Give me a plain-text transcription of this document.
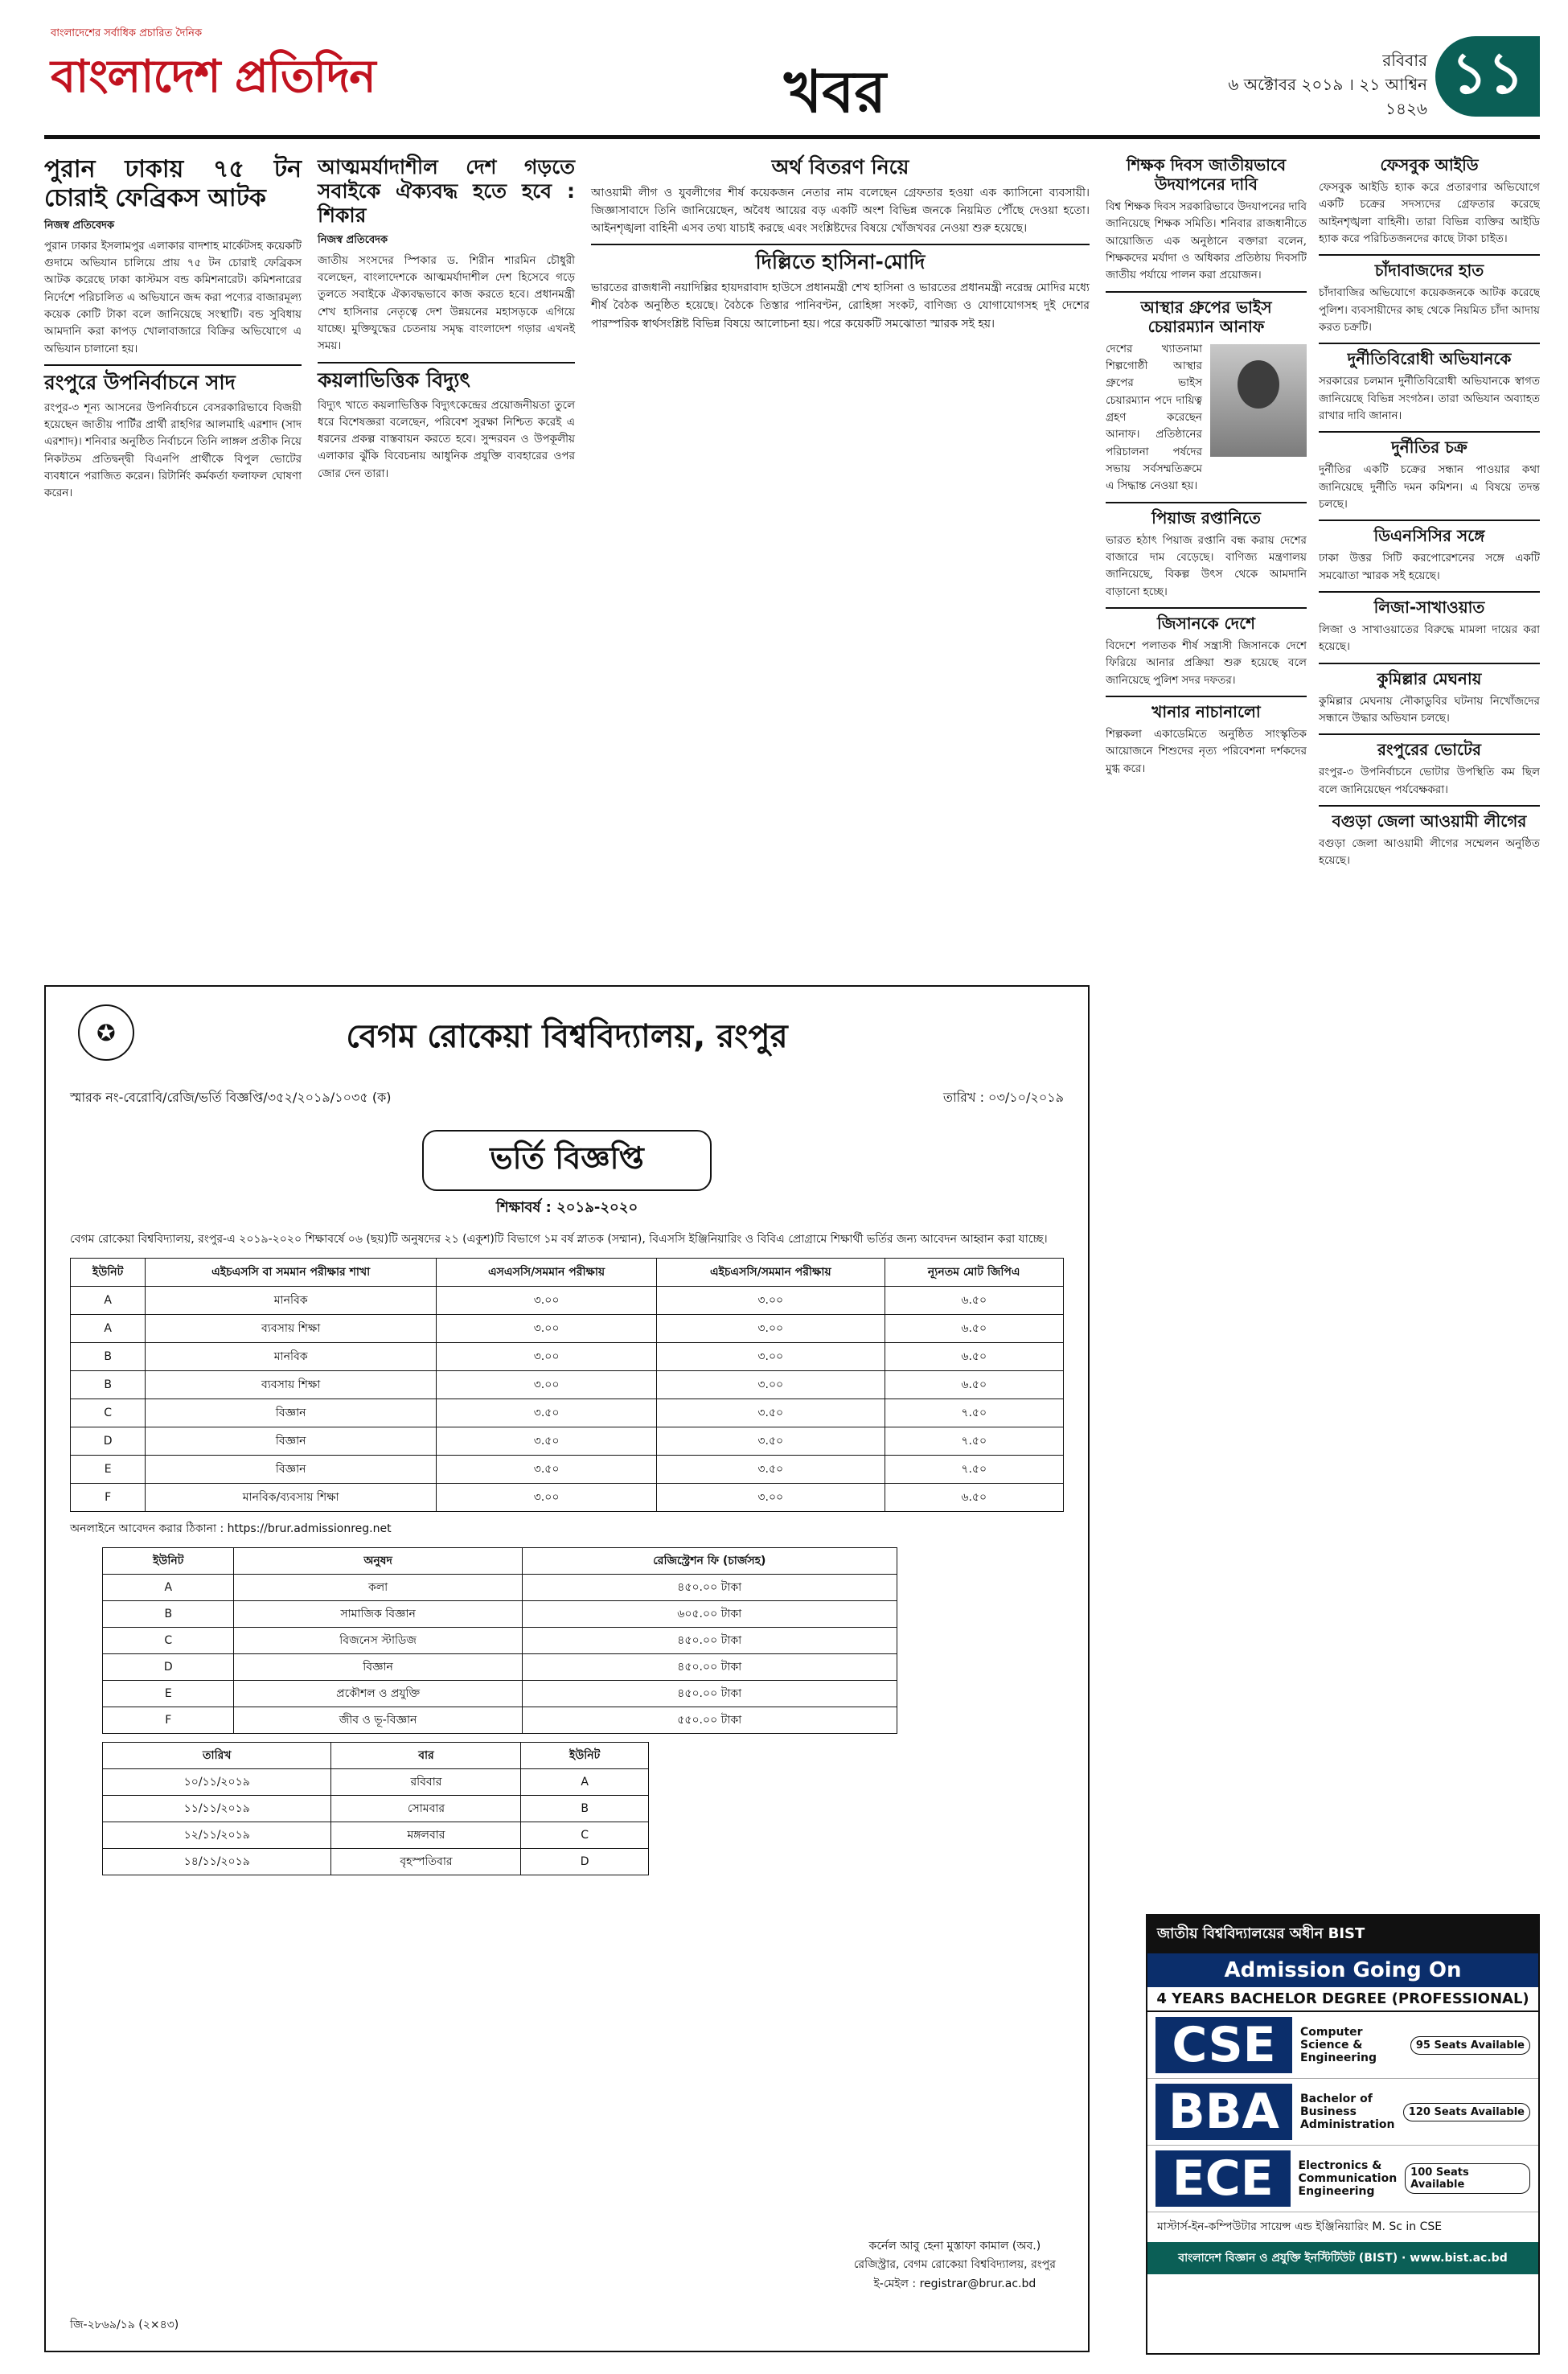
বাংলাদেশের সর্বাধিক প্রচারিত দৈনিক
বাংলাদেশ প্রতিদিন	খবর	রবিবার
৬ অক্টোবর ২০১৯ । ২১ আশ্বিন ১৪২৬
১১
পুরান ঢাকায় ৭৫ টন চোরাই ফেব্রিকস আটক
নিজস্ব প্রতিবেদক

পুরান ঢাকার ইসলামপুর এলাকার বাদশাহ মার্কেটসহ কয়েকটি গুদামে অভিযান চালিয়ে প্রায় ৭৫ টন চোরাই ফেব্রিকস আটক করেছে ঢাকা কাস্টমস বন্ড কমিশনারেট। কমিশনারের নির্দেশে পরিচালিত এ অভিযানে জব্দ করা পণ্যের বাজারমূল্য কয়েক কোটি টাকা বলে জানিয়েছে সংস্থাটি। বন্ড সুবিধায় আমদানি করা কাপড় খোলাবাজারে বিক্রির অভিযোগে এ অভিযান চালানো হয়।

রংপুরে উপনির্বাচনে সাদ

রংপুর-৩ শূন্য আসনের উপনির্বাচনে বেসরকারিভাবে বিজয়ী হয়েছেন জাতীয় পার্টির প্রার্থী রাহগির আলমাহি এরশাদ (সাদ এরশাদ)। শনিবার অনুষ্ঠিত নির্বাচনে তিনি লাঙ্গল প্রতীক নিয়ে নিকটতম প্রতিদ্বন্দ্বী বিএনপি প্রার্থীকে বিপুল ভোটের ব্যবধানে পরাজিত করেন। রিটার্নিং কর্মকর্তা ফলাফল ঘোষণা করেন।

আত্মমর্যাদাশীল দেশ গড়তে সবাইকে ঐক্যবদ্ধ হতে হবে : শিকার
নিজস্ব প্রতিবেদক

জাতীয় সংসদের স্পিকার ড. শিরীন শারমিন চৌধুরী বলেছেন, বাংলাদেশকে আত্মমর্যাদাশীল দেশ হিসেবে গড়ে তুলতে সবাইকে ঐক্যবদ্ধভাবে কাজ করতে হবে। প্রধানমন্ত্রী শেখ হাসিনার নেতৃত্বে দেশ উন্নয়নের মহাসড়কে এগিয়ে যাচ্ছে। মুক্তিযুদ্ধের চেতনায় সমৃদ্ধ বাংলাদেশ গড়ার এখনই সময়।

কয়লাভিত্তিক বিদ্যুৎ

বিদ্যুৎ খাতে কয়লাভিত্তিক বিদ্যুৎকেন্দ্রের প্রয়োজনীয়তা তুলে ধরে বিশেষজ্ঞরা বলেছেন, পরিবেশ সুরক্ষা নিশ্চিত করেই এ ধরনের প্রকল্প বাস্তবায়ন করতে হবে। সুন্দরবন ও উপকূলীয় এলাকার ঝুঁকি বিবেচনায় আধুনিক প্রযুক্তি ব্যবহারের ওপর জোর দেন তারা।

অর্থ বিতরণ নিয়ে

আওয়ামী লীগ ও যুবলীগের শীর্ষ কয়েকজন নেতার নাম বলেছেন গ্রেফতার হওয়া এক ক্যাসিনো ব্যবসায়ী। জিজ্ঞাসাবাদে তিনি জানিয়েছেন, অবৈধ আয়ের বড় একটি অংশ বিভিন্ন জনকে নিয়মিত পৌঁছে দেওয়া হতো। আইনশৃঙ্খলা বাহিনী এসব তথ্য যাচাই করছে এবং সংশ্লিষ্টদের বিষয়ে খোঁজখবর নেওয়া শুরু হয়েছে।

দিল্লিতে হাসিনা-মোদি

ভারতের রাজধানী নয়াদিল্লির হায়দরাবাদ হাউসে প্রধানমন্ত্রী শেখ হাসিনা ও ভারতের প্রধানমন্ত্রী নরেন্দ্র মোদির মধ্যে শীর্ষ বৈঠক অনুষ্ঠিত হয়েছে। বৈঠকে তিস্তার পানিবণ্টন, রোহিঙ্গা সংকট, বাণিজ্য ও যোগাযোগসহ দুই দেশের পারস্পরিক স্বার্থসংশ্লিষ্ট বিভিন্ন বিষয়ে আলোচনা হয়। পরে কয়েকটি সমঝোতা স্মারক সই হয়।

শিক্ষক দিবস জাতীয়ভাবে উদযাপনের দাবি

বিশ্ব শিক্ষক দিবস সরকারিভাবে উদযাপনের দাবি জানিয়েছে শিক্ষক সমিতি। শনিবার রাজধানীতে আয়োজিত এক অনুষ্ঠানে বক্তারা বলেন, শিক্ষকদের মর্যাদা ও অধিকার প্রতিষ্ঠায় দিবসটি জাতীয় পর্যায়ে পালন করা প্রয়োজন।

আস্থার গ্রুপের ভাইস চেয়ারম্যান আনাফ

দেশের খ্যাতনামা শিল্পগোষ্ঠী আস্থার গ্রুপের ভাইস চেয়ারম্যান পদে দায়িত্ব গ্রহণ করেছেন আনাফ। প্রতিষ্ঠানের পরিচালনা পর্ষদের সভায় সর্বসম্মতিক্রমে এ সিদ্ধান্ত নেওয়া হয়।

পিয়াজ রপ্তানিতে

ভারত হঠাৎ পিয়াজ রপ্তানি বন্ধ করায় দেশের বাজারে দাম বেড়েছে। বাণিজ্য মন্ত্রণালয় জানিয়েছে, বিকল্প উৎস থেকে আমদানি বাড়ানো হচ্ছে।

জিসানকে দেশে

বিদেশে পলাতক শীর্ষ সন্ত্রাসী জিসানকে দেশে ফিরিয়ে আনার প্রক্রিয়া শুরু হয়েছে বলে জানিয়েছে পুলিশ সদর দফতর।

খানার নাচানালো

শিল্পকলা একাডেমিতে অনুষ্ঠিত সাংস্কৃতিক আয়োজনে শিশুদের নৃত্য পরিবেশনা দর্শকদের মুগ্ধ করে।

ফেসবুক আইডি

ফেসবুক আইডি হ্যাক করে প্রতারণার অভিযোগে একটি চক্রের সদস্যদের গ্রেফতার করেছে আইনশৃঙ্খলা বাহিনী। তারা বিভিন্ন ব্যক্তির আইডি হ্যাক করে পরিচিতজনদের কাছে টাকা চাইত।

চাঁদাবাজদের হাত

চাঁদাবাজির অভিযোগে কয়েকজনকে আটক করেছে পুলিশ। ব্যবসায়ীদের কাছ থেকে নিয়মিত চাঁদা আদায় করত চক্রটি।

দুর্নীতিবিরোধী অভিযানকে

সরকারের চলমান দুর্নীতিবিরোধী অভিযানকে স্বাগত জানিয়েছে বিভিন্ন সংগঠন। তারা অভিযান অব্যাহত রাখার দাবি জানান।

দুর্নীতির চক্র

দুর্নীতির একটি চক্রের সন্ধান পাওয়ার কথা জানিয়েছে দুর্নীতি দমন কমিশন। এ বিষয়ে তদন্ত চলছে।

ডিএনসিসির সঙ্গে

ঢাকা উত্তর সিটি করপোরেশনের সঙ্গে একটি সমঝোতা স্মারক সই হয়েছে।

লিজা-সাখাওয়াত

লিজা ও সাখাওয়াতের বিরুদ্ধে মামলা দায়ের করা হয়েছে।

কুমিল্লার মেঘনায়

কুমিল্লার মেঘনায় নৌকাডুবির ঘটনায় নিখোঁজদের সন্ধানে উদ্ধার অভিযান চলছে।

রংপুরের ভোটের

রংপুর-৩ উপনির্বাচনে ভোটার উপস্থিতি কম ছিল বলে জানিয়েছেন পর্যবেক্ষকরা।

বগুড়া জেলা আওয়ামী লীগের

বগুড়া জেলা আওয়ামী লীগের সম্মেলন অনুষ্ঠিত হয়েছে।

✪	বেগম রোকেয়া বিশ্ববিদ্যালয়, রংপুর
স্মারক নং-বেরোবি/রেজি/ভর্তি বিজ্ঞপ্তি/৩৫২/২০১৯/১০৩৫ (ক)	তারিখ : ০৩/১০/২০১৯
ভর্তি বিজ্ঞপ্তি
শিক্ষাবর্ষ : ২০১৯-২০২০
বেগম রোকেয়া বিশ্ববিদ্যালয়, রংপুর-এ ২০১৯-২০২০ শিক্ষাবর্ষে ০৬ (ছয়)টি অনুষদের ২১ (একুশ)টি বিভাগে ১ম বর্ষ স্নাতক (সম্মান), বিএসসি ইঞ্জিনিয়ারিং ও বিবিএ প্রোগ্রামে শিক্ষার্থী ভর্তির জন্য আবেদন আহ্বান করা যাচ্ছে।
ইউনিট	এইচএসসি বা সমমান পরীক্ষার শাখা	এসএসসি/সমমান পরীক্ষায়	এইচএসসি/সমমান পরীক্ষায়	ন্যূনতম মোট জিপিএ
A	মানবিক	৩.০০	৩.০০	৬.৫০
A	ব্যবসায় শিক্ষা	৩.০০	৩.০০	৬.৫০
B	মানবিক	৩.০০	৩.০০	৬.৫০
B	ব্যবসায় শিক্ষা	৩.০০	৩.০০	৬.৫০
C	বিজ্ঞান	৩.৫০	৩.৫০	৭.৫০
D	বিজ্ঞান	৩.৫০	৩.৫০	৭.৫০
E	বিজ্ঞান	৩.৫০	৩.৫০	৭.৫০
F	মানবিক/ব্যবসায় শিক্ষা	৩.০০	৩.০০	৬.৫০
অনলাইনে আবেদন করার ঠিকানা : https://brur.admissionreg.net
ইউনিট	অনুষদ	রেজিস্ট্রেশন ফি (চার্জসহ)
A	কলা	৪৫০.০০ টাকা
B	সামাজিক বিজ্ঞান	৬০৫.০০ টাকা
C	বিজনেস স্টাডিজ	৪৫০.০০ টাকা
D	বিজ্ঞান	৪৫০.০০ টাকা
E	প্রকৌশল ও প্রযুক্তি	৪৫০.০০ টাকা
F	জীব ও ভূ-বিজ্ঞান	৫৫০.০০ টাকা
তারিখ	বার	ইউনিট
১০/১১/২০১৯	রবিবার	A
১১/১১/২০১৯	সোমবার	B
১২/১১/২০১৯	মঙ্গলবার	C
১৪/১১/২০১৯	বৃহস্পতিবার	D
কর্নেল আবু হেনা মুস্তাফা কামাল (অব.)
রেজিস্ট্রার, বেগম রোকেয়া বিশ্ববিদ্যালয়, রংপুর
ই-মেইল : registrar@brur.ac.bd
জি-২৮৬৯/১৯ (২×৪৩)
জাতীয় বিশ্ববিদ্যালয়ের অধীন BIST
Admission Going On
4 YEARS BACHELOR DEGREE (PROFESSIONAL)
CSE	Computer Science & Engineering
95 Seats Available
BBA	Bachelor of Business Administration
120 Seats Available
ECE	Electronics & Communication Engineering
100 Seats Available
মাস্টার্স-ইন-কম্পিউটার সায়েন্স এন্ড ইঞ্জিনিয়ারিং M. Sc in CSE
বাংলাদেশ বিজ্ঞান ও প্রযুক্তি ইনস্টিটিউট (BIST) · www.bist.ac.bd
